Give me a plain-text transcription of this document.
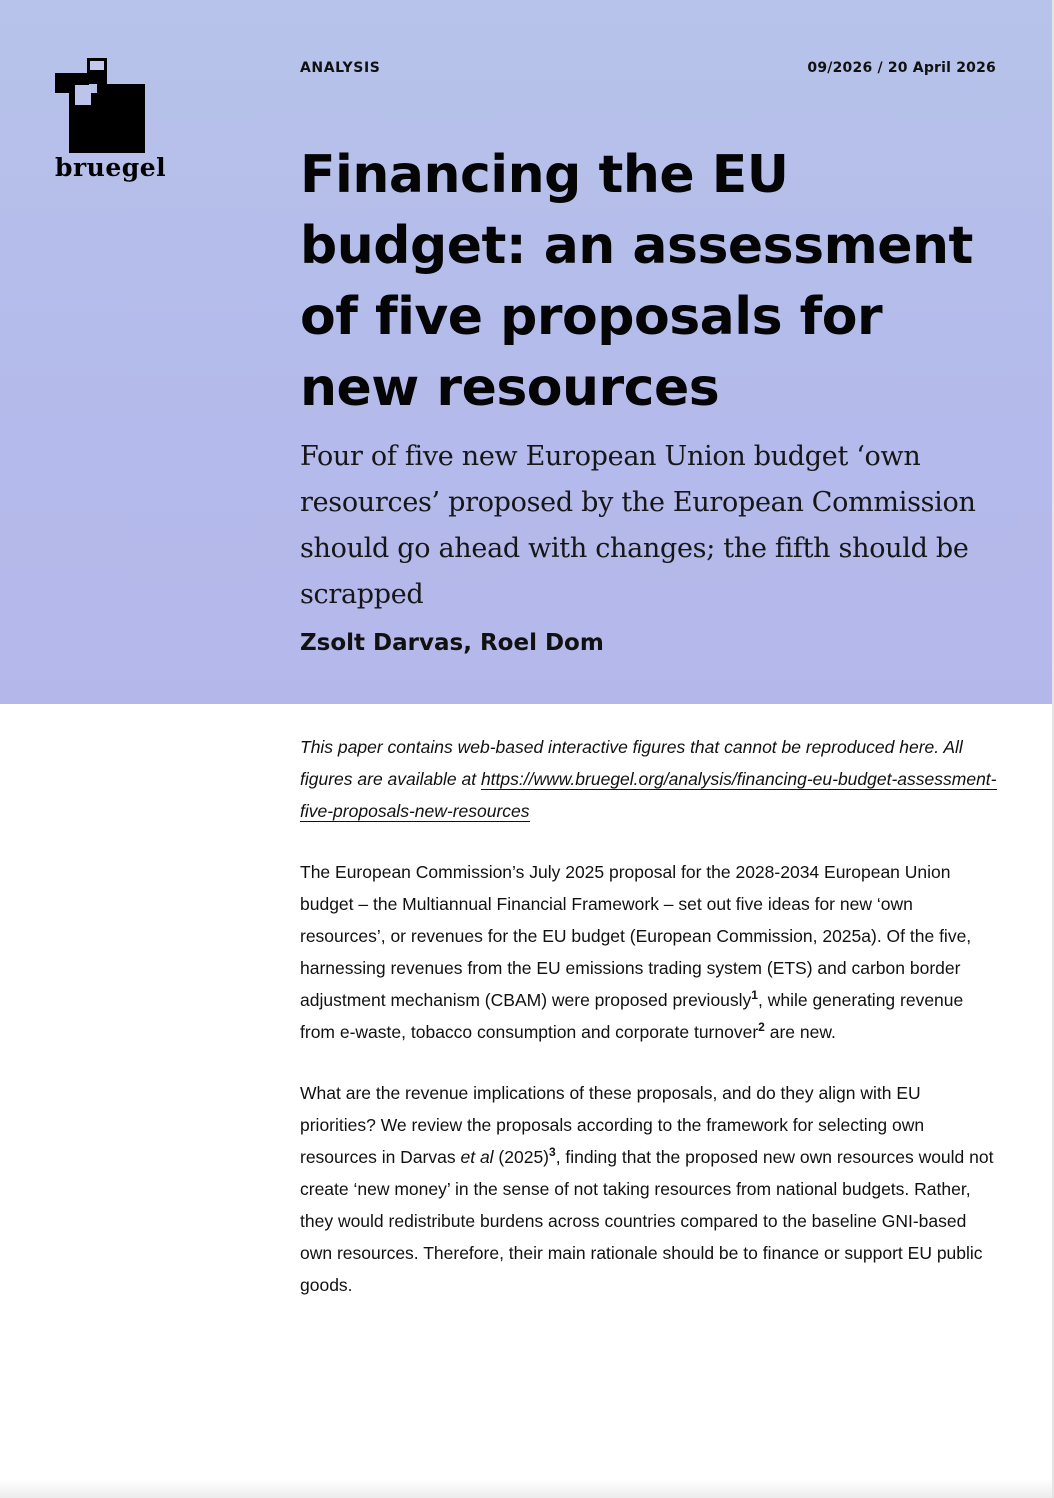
bruegel
ANALYSIS	09/2026 / 20 April 2026
Financing the EU budget: an assessment of five proposals for new resources
Four of five new European Union budget ‘own resources’ proposed by the European Commission should go ahead with changes; the fifth should be scrapped
Zsolt Darvas, Roel Dom

This paper contains web-based interactive figures that cannot be reproduced here. All figures are available at https://www.bruegel.org/analysis/financing-eu-budget-assessment-five-proposals-new-resources

The European Commission’s July 2025 proposal for the 2028-2034 European Union budget – the Multiannual Financial Framework – set out five ideas for new ‘own resources’, or revenues for the EU budget (European Commission, 2025a). Of the five, harnessing revenues from the EU emissions trading system (ETS) and carbon border adjustment mechanism (CBAM) were proposed previously$^1$, while generating revenue from e-waste, tobacco consumption and corporate turnover$^2$ are new.

What are the revenue implications of these proposals, and do they align with EU priorities? We review the proposals according to the framework for selecting own resources in Darvas et al $(2025)^3$, finding that the proposed new own resources would not create ‘new money’ in the sense of not taking resources from national budgets. Rather, they would redistribute burdens across countries compared to the baseline GNI-based own resources. Therefore, their main rationale should be to finance or support EU public goods.
